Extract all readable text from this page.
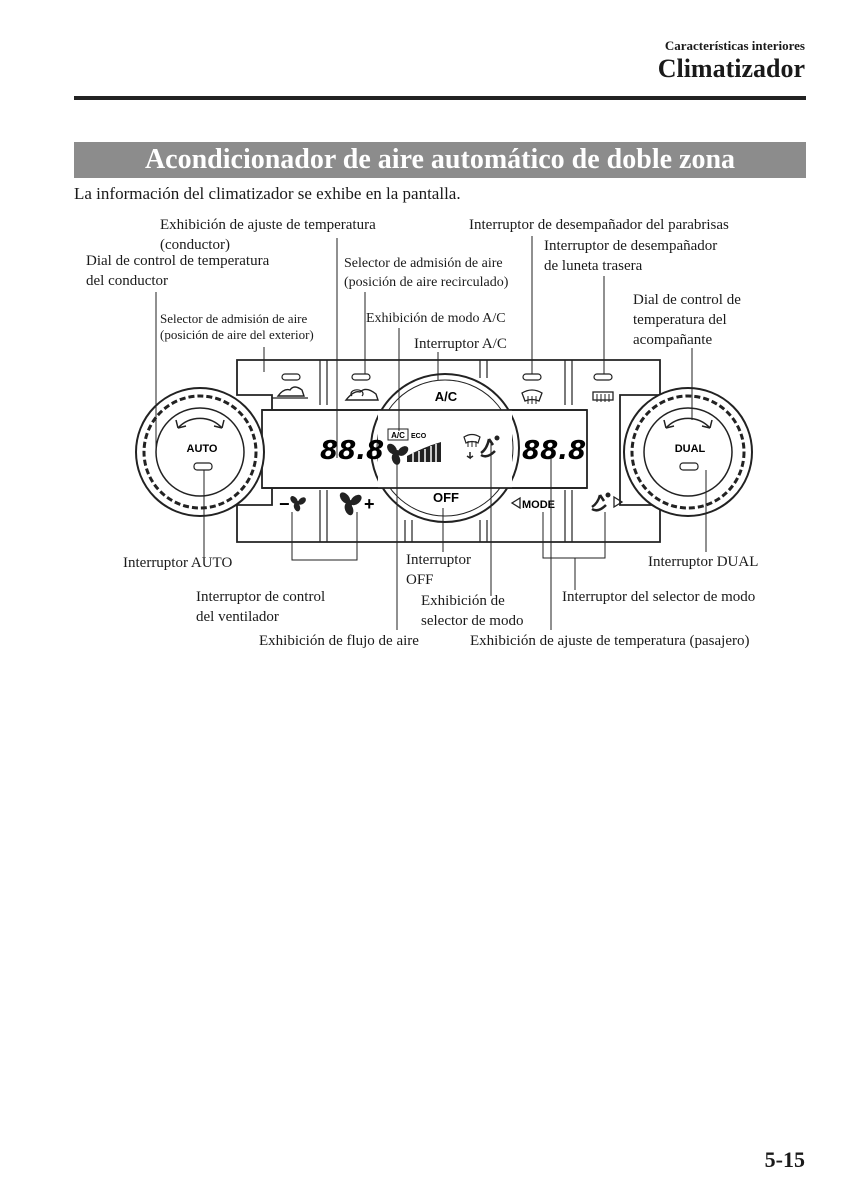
Características interiores
Climatizador
Acondicionador de aire automático de doble zona
La información del climatizador se exhibe en la pantalla.
Exhibición de ajuste de temperatura
(conductor)
Dial de control de temperatura
del conductor
Selector de admisión de aire
(posición de aire del exterior)
Selector de admisión de aire
(posición de aire recirculado)
Exhibición de modo A/C
Interruptor A/C
Interruptor de desempañador del parabrisas
Interruptor de desempañador
de luneta trasera
Dial de control de
temperatura del
acompañante
Interruptor AUTO
Interruptor de control
del ventilador
Exhibición de flujo de aire
Interruptor
OFF
Exhibición de
selector de modo
Interruptor DUAL
Interruptor del selector de modo
Exhibición de ajuste de temperatura (pasajero)
AUTO	DUAL
A/C
88.8	88.8
A/C ECO
−	+	OFF	MODE
5-15
